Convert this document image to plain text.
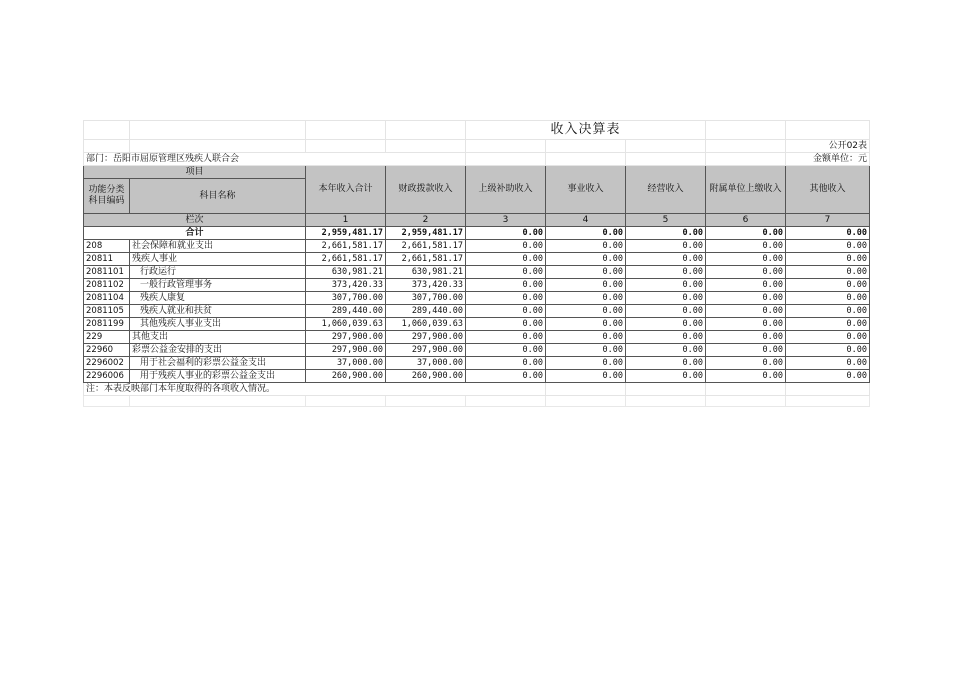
				收入决算表				
								公开02表
部门：岳阳市屈原管理区残疾人联合会								金额单位：元
项目		本年收入合计	财政拨款收入	上级补助收入	事业收入	经营收入	附属单位上缴收入	其他收入
功能分类科目编码	科目名称							
栏次		1	2	3	4	5	6	7
合计		2,959,481.17	2,959,481.17	0.00	0.00	0.00	0.00	0.00
208	社会保障和就业支出	2,661,581.17	2,661,581.17	0.00	0.00	0.00	0.00	0.00
20811	残疾人事业	2,661,581.17	2,661,581.17	0.00	0.00	0.00	0.00	0.00
2081101	行政运行	630,981.21	630,981.21	0.00	0.00	0.00	0.00	0.00
2081102	一般行政管理事务	373,420.33	373,420.33	0.00	0.00	0.00	0.00	0.00
2081104	残疾人康复	307,700.00	307,700.00	0.00	0.00	0.00	0.00	0.00
2081105	残疾人就业和扶贫	289,440.00	289,440.00	0.00	0.00	0.00	0.00	0.00
2081199	其他残疾人事业支出	1,060,039.63	1,060,039.63	0.00	0.00	0.00	0.00	0.00
229	其他支出	297,900.00	297,900.00	0.00	0.00	0.00	0.00	0.00
22960	彩票公益金安排的支出	297,900.00	297,900.00	0.00	0.00	0.00	0.00	0.00
2296002	用于社会福利的彩票公益金支出	37,000.00	37,000.00	0.00	0.00	0.00	0.00	0.00
2296006	用于残疾人事业的彩票公益金支出	260,900.00	260,900.00	0.00	0.00	0.00	0.00	0.00
注：本表反映部门本年度取得的各项收入情况。								
